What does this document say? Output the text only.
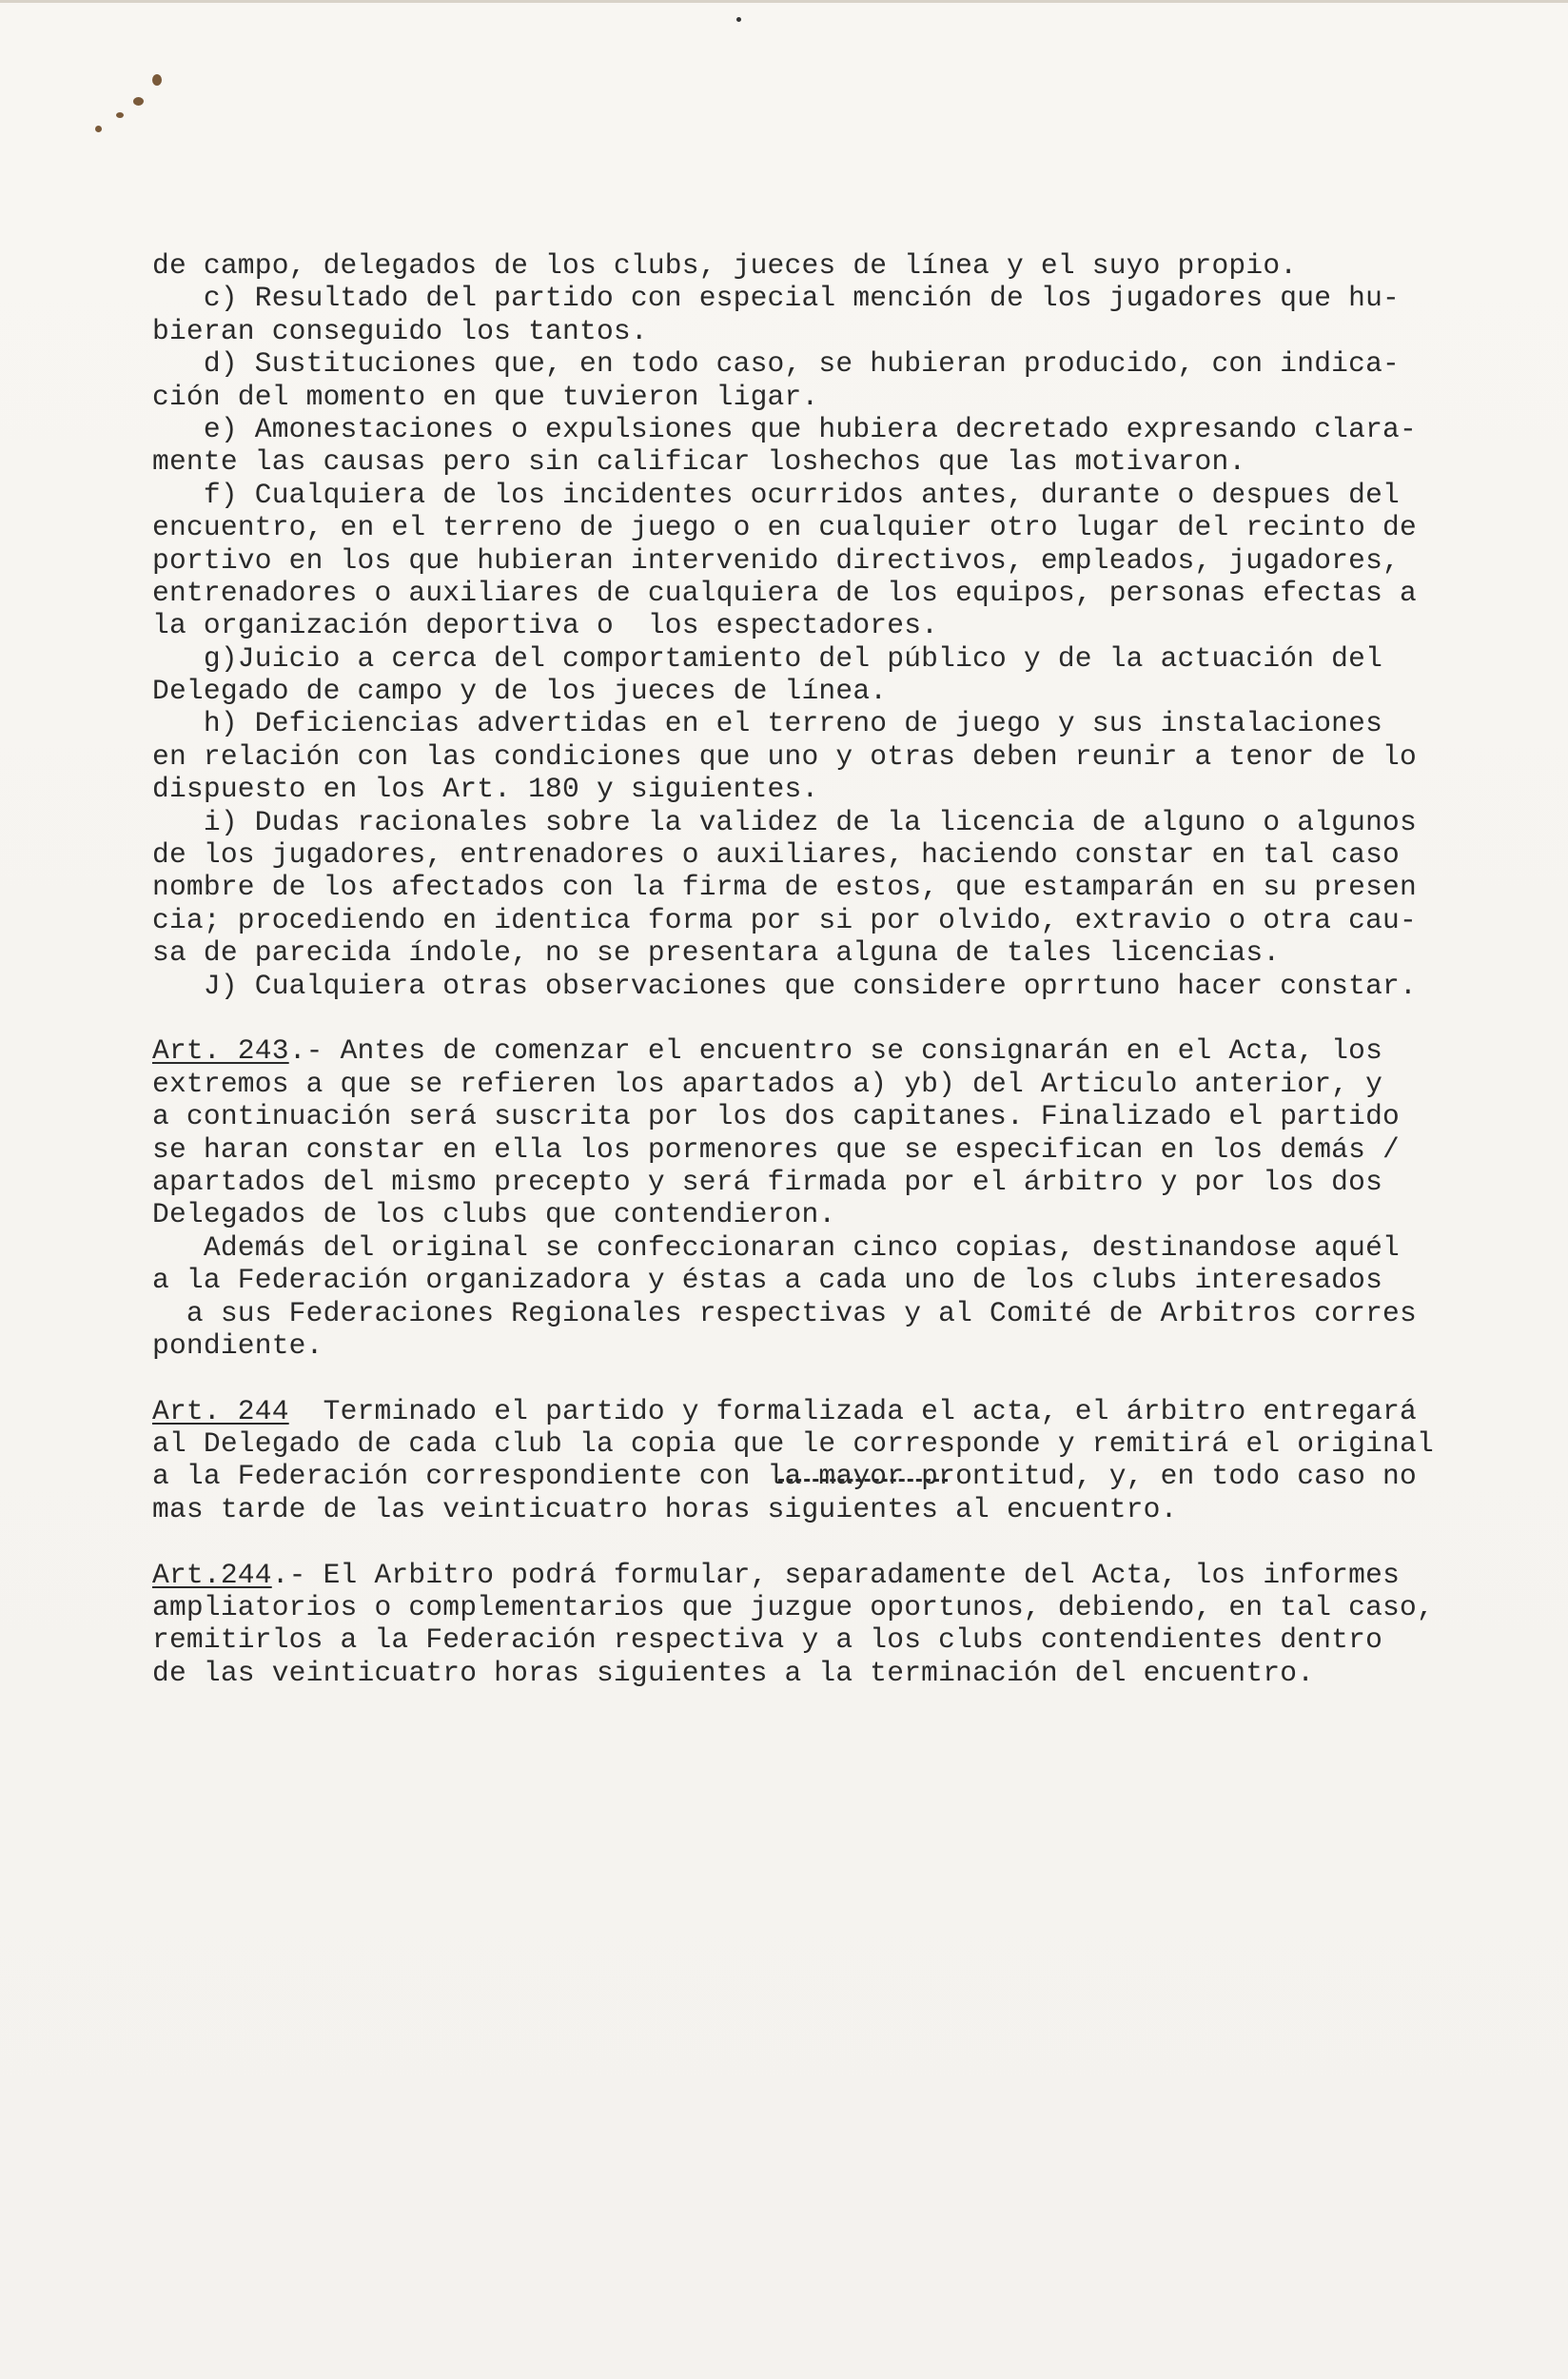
de campo, delegados de los clubs, jueces de línea y el suyo propio.
c) Resultado del partido con especial mención de los jugadores que hu-
bieran conseguido los tantos.
d) Sustituciones que, en todo caso, se hubieran producido, con indica-
ción del momento en que tuvieron ligar.
e) Amonestaciones o expulsiones que hubiera decretado expresando clara-
mente las causas pero sin calificar loshechos que las motivaron.
f) Cualquiera de los incidentes ocurridos antes, durante o despues del
encuentro, en el terreno de juego o en cualquier otro lugar del recinto de
portivo en los que hubieran intervenido directivos, empleados, jugadores,
entrenadores o auxiliares de cualquiera de los equipos, personas efectas a
la organización deportiva o  los espectadores.
g)Juicio a cerca del comportamiento del público y de la actuación del
Delegado de campo y de los jueces de línea.
h) Deficiencias advertidas en el terreno de juego y sus instalaciones
en relación con las condiciones que uno y otras deben reunir a tenor de lo
dispuesto en los Art. 180 y siguientes.
i) Dudas racionales sobre la validez de la licencia de alguno o algunos
de los jugadores, entrenadores o auxiliares, haciendo constar en tal caso
nombre de los afectados con la firma de estos, que estamparán en su presen
cia; procediendo en identica forma por si por olvido, extravio o otra cau-
sa de parecida índole, no se presentara alguna de tales licencias.
J) Cualquiera otras observaciones que considere oprrtuno hacer constar.
Art. 243.- Antes de comenzar el encuentro se consignarán en el Acta, los
extremos a que se refieren los apartados a) yb) del Articulo anterior, y
a continuación será suscrita por los dos capitanes. Finalizado el partido
se haran constar en ella los pormenores que se especifican en los demás /
apartados del mismo precepto y será firmada por el árbitro y por los dos
Delegados de los clubs que contendieron.
Además del original se confeccionaran cinco copias, destinandose aquél
a la Federación organizadora y éstas a cada uno de los clubs interesados
a sus Federaciones Regionales respectivas y al Comité de Arbitros corres
pondiente.
Art. 244  Terminado el partido y formalizada el acta, el árbitro entregará
al Delegado de cada club la copia que le corresponde y remitirá el original
a la Federación correspondiente con la mayor prontitud, y, en todo caso no
mas tarde de las veinticuatro horas siguientes al encuentro.
Art.244.- El Arbitro podrá formular, separadamente del Acta, los informes
ampliatorios o complementarios que juzgue oportunos, debiendo, en tal caso,
remitirlos a la Federación respectiva y a los clubs contendientes dentro
de las veinticuatro horas siguientes a la terminación del encuentro.
